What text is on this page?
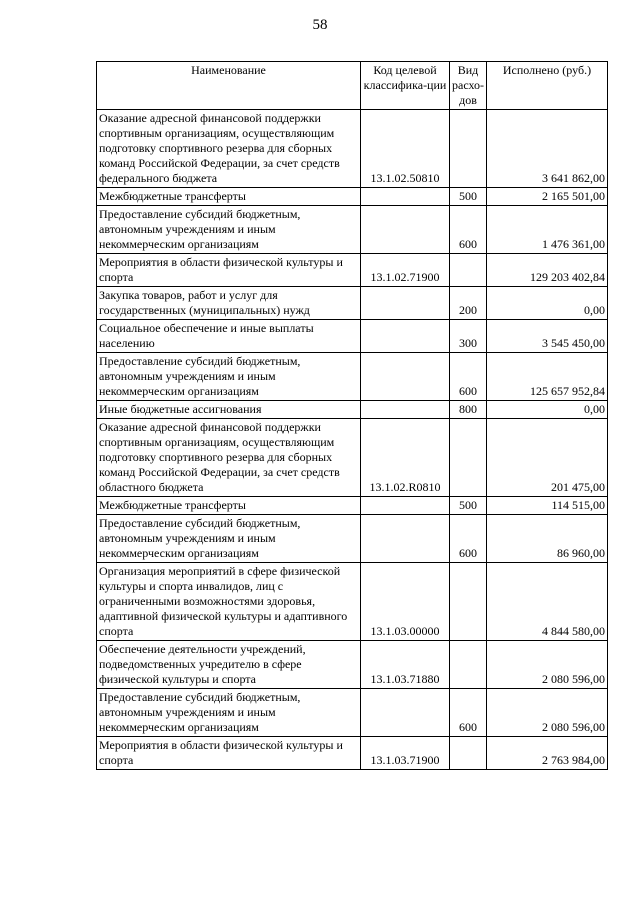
58
Наименование	Код целевой классифика-ции	Вид расхо-дов	Исполнено (руб.)
Оказание адресной финансовой поддержки спортивным организациям, осуществляющим подготовку спортивного резерва для сборных команд Российской Федерации, за счет средств федерального бюджета	13.1.02.50810		3 641 862,00
Межбюджетные трансферты		500	2 165 501,00
Предоставление субсидий бюджетным, автономным учреждениям и иным некоммерческим организациям		600	1 476 361,00
Мероприятия в области физической культуры и спорта	13.1.02.71900		129 203 402,84
Закупка товаров, работ и услуг для государственных (муниципальных) нужд		200	0,00
Социальное обеспечение и иные выплаты населению		300	3 545 450,00
Предоставление субсидий бюджетным, автономным учреждениям и иным некоммерческим организациям		600	125 657 952,84
Иные бюджетные ассигнования		800	0,00
Оказание адресной финансовой поддержки спортивным организациям, осуществляющим подготовку спортивного резерва для сборных команд Российской Федерации, за счет средств областного бюджета	13.1.02.R0810		201 475,00
Межбюджетные трансферты		500	114 515,00
Предоставление субсидий бюджетным, автономным учреждениям и иным некоммерческим организациям		600	86 960,00
Организация мероприятий в сфере физической культуры и спорта инвалидов, лиц с ограниченными возможностями здоровья, адаптивной физической культуры и адаптивного спорта	13.1.03.00000		4 844 580,00
Обеспечение деятельности учреждений, подведомственных учредителю в сфере физической культуры и спорта	13.1.03.71880		2 080 596,00
Предоставление субсидий бюджетным, автономным учреждениям и иным некоммерческим организациям		600	2 080 596,00
Мероприятия в области физической культуры и спорта	13.1.03.71900		2 763 984,00
